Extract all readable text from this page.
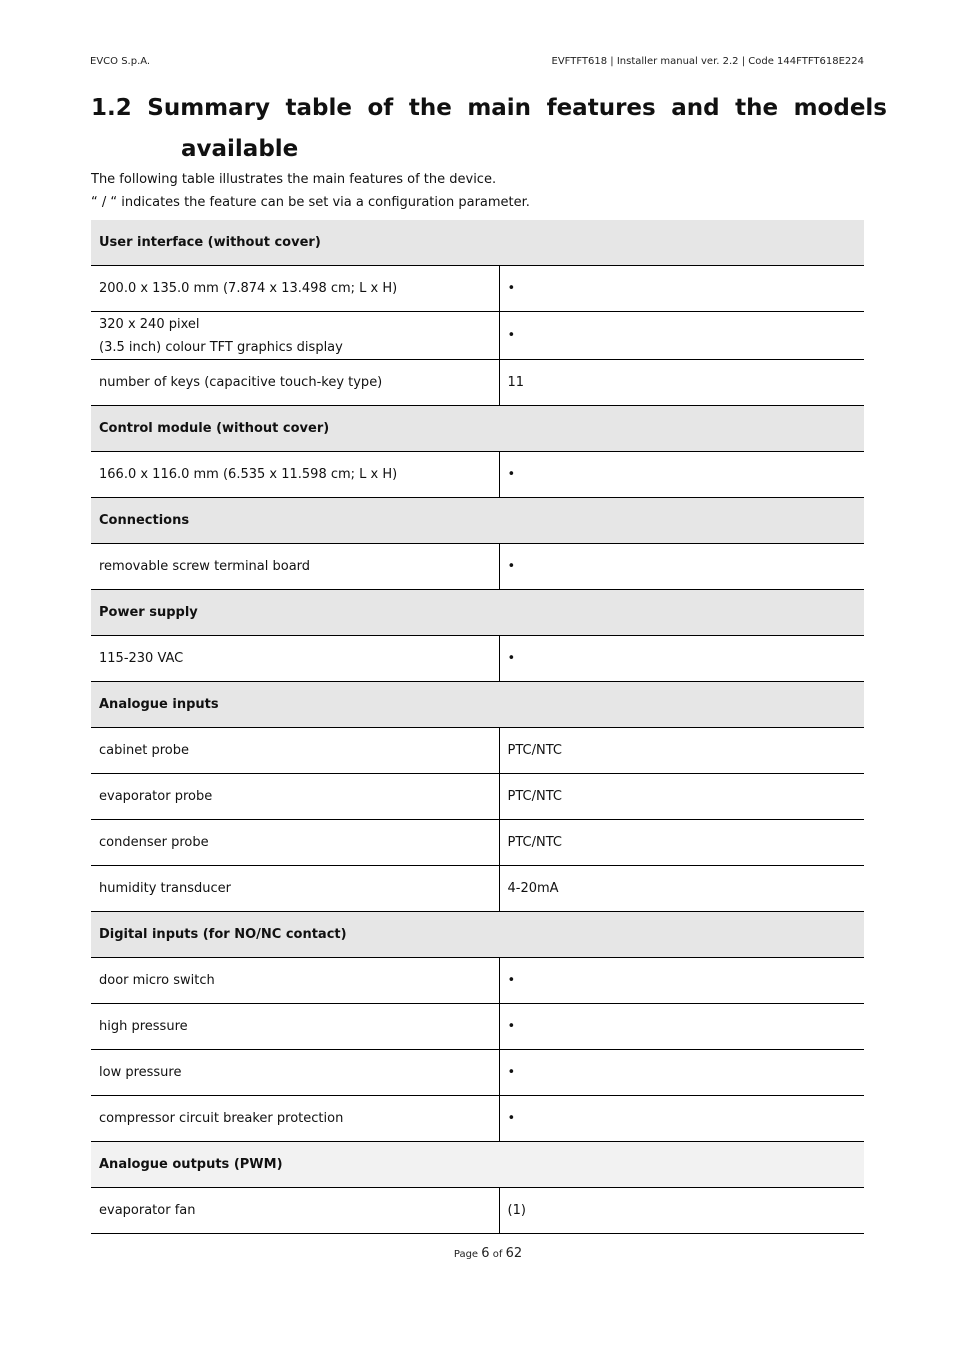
EVCO S.p.A.	EVFTFT618 | Installer manual ver. 2.2 | Code 144FTFT618E224
1.2 Summary table of the main features and the models
available
The following table illustrates the main features of the device.
“ / “ indicates the feature can be set via a configuration parameter.
User interface (without cover)	
200.0 x 135.0 mm (7.874 x 13.498 cm; L x H)	•

320 x 240 pixel
(3.5 inch) colour TFT graphics display	•
number of keys (capacitive touch-key type)	11
Control module (without cover)	
166.0 x 116.0 mm (6.535 x 11.598 cm; L x H)	•
Connections	
removable screw terminal board	•
Power supply	
115-230 VAC	•
Analogue inputs	
cabinet probe	PTC/NTC
evaporator probe	PTC/NTC
condenser probe	PTC/NTC
humidity transducer	4-20mA
Digital inputs (for NO/NC contact)	
door micro switch	•
high pressure	•
low pressure	•
compressor circuit breaker protection	•
Analogue outputs (PWM)	
evaporator fan	(1)
Page 6 of 62
